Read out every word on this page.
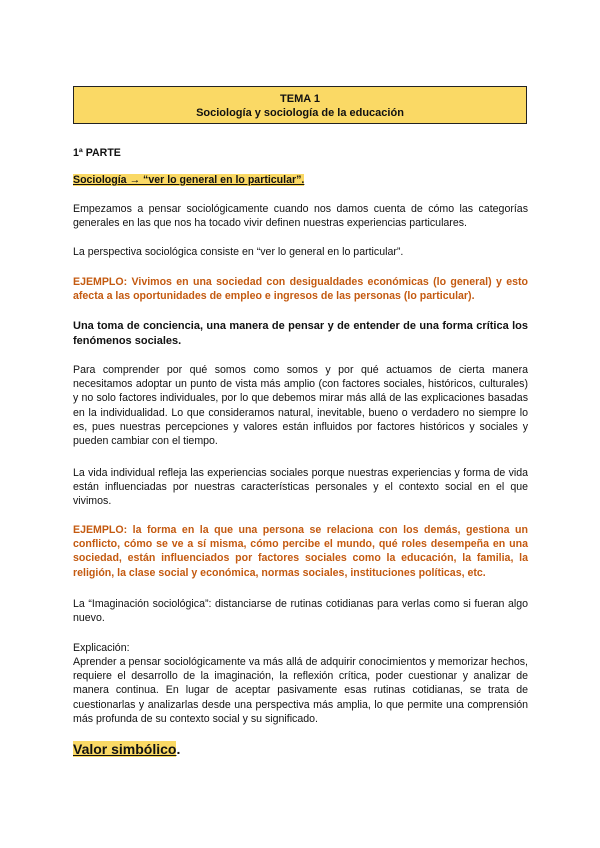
TEMA 1
Sociología y sociología de la educación
1ª PARTE
Sociología → “ver lo general en lo particular”.
Empezamos a pensar sociológicamente cuando nos damos cuenta de cómo las categorías generales en las que nos ha tocado vivir definen nuestras experiencias particulares.
La perspectiva sociológica consiste en “ver lo general en lo particular”.
EJEMPLO: Vivimos en una sociedad con desigualdades económicas (lo general) y esto afecta a las oportunidades de empleo e ingresos de las personas (lo particular).
Una toma de conciencia, una manera de pensar y de entender de una forma crítica los fenómenos sociales.
Para comprender por qué somos como somos y por qué actuamos de cierta manera necesitamos adoptar un punto de vista más amplio (con factores sociales, históricos, culturales) y no solo factores individuales, por lo que debemos mirar más allá de las explicaciones basadas en la individualidad. Lo que consideramos natural, inevitable, bueno o verdadero no siempre lo es, pues nuestras percepciones y valores están influidos por factores históricos y sociales y pueden cambiar con el tiempo.
La vida individual refleja las experiencias sociales porque nuestras experiencias y forma de vida están influenciadas por nuestras características personales y el contexto social en el que vivimos.
EJEMPLO: la forma en la que una persona se relaciona con los demás, gestiona un conflicto, cómo se ve a sí misma, cómo percibe el mundo, qué roles desempeña en una sociedad, están influenciados por factores sociales como la educación, la familia, la religión, la clase social y económica, normas sociales, instituciones políticas, etc.
La “Imaginación sociológica”: distanciarse de rutinas cotidianas para verlas como si fueran algo nuevo.
Explicación:
Aprender a pensar sociológicamente va más allá de adquirir conocimientos y memorizar hechos, requiere el desarrollo de la imaginación, la reflexión crítica, poder cuestionar y analizar de manera continua. En lugar de aceptar pasivamente esas rutinas cotidianas, se trata de cuestionarlas y analizarlas desde una perspectiva más amplia, lo que permite una comprensión más profunda de su contexto social y su significado.
Valor simbólico.
